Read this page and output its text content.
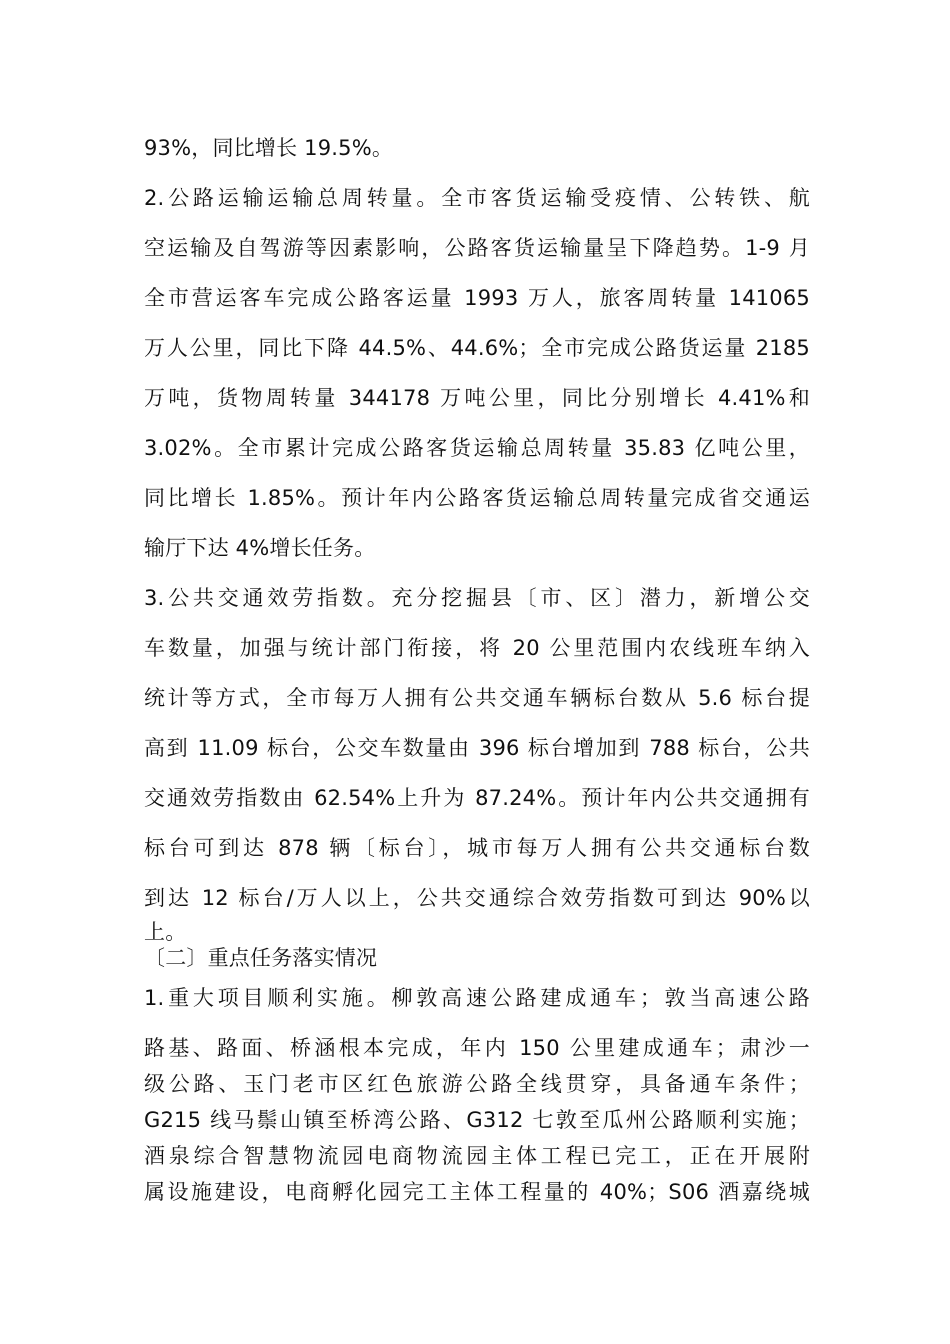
93%，同比增长 19.5%。
2.公路运输运输总周转量。全市客货运输受疫情、公转铁、航
空运输及自驾游等因素影响，公路客货运输量呈下降趋势。1-9 月
全市营运客车完成公路客运量 1993 万人，旅客周转量 141065
万人公里，同比下降 44.5%、44.6%；全市完成公路货运量 2185
万吨，货物周转量 344178 万吨公里，同比分别增长 4.41%和
3.02%。全市累计完成公路客货运输总周转量 35.83 亿吨公里，
同比增长 1.85%。预计年内公路客货运输总周转量完成省交通运
输厅下达 4%增长任务。
3.公共交通效劳指数。充分挖掘县〔市、区〕潜力，新增公交
车数量，加强与统计部门衔接，将 20 公里范围内农线班车纳入
统计等方式，全市每万人拥有公共交通车辆标台数从 5.6 标台提
高到 11.09 标台，公交车数量由 396 标台增加到 788 标台，公共
交通效劳指数由 62.54%上升为 87.24%。预计年内公共交通拥有
标台可到达 878 辆〔标台〕，城市每万人拥有公共交通标台数
到达 12 标台/万人以上，公共交通综合效劳指数可到达 90%以
上。
〔二〕重点任务落实情况
1.重大项目顺利实施。柳敦高速公路建成通车；敦当高速公路
路基、路面、桥涵根本完成，年内 150 公里建成通车；肃沙一
级公路、玉门老市区红色旅游公路全线贯穿，具备通车条件；
G215 线马鬃山镇至桥湾公路、G312 七敦至瓜州公路顺利实施；
酒泉综合智慧物流园电商物流园主体工程已完工，正在开展附
属设施建设，电商孵化园完工主体工程量的 40%；S06 酒嘉绕城
